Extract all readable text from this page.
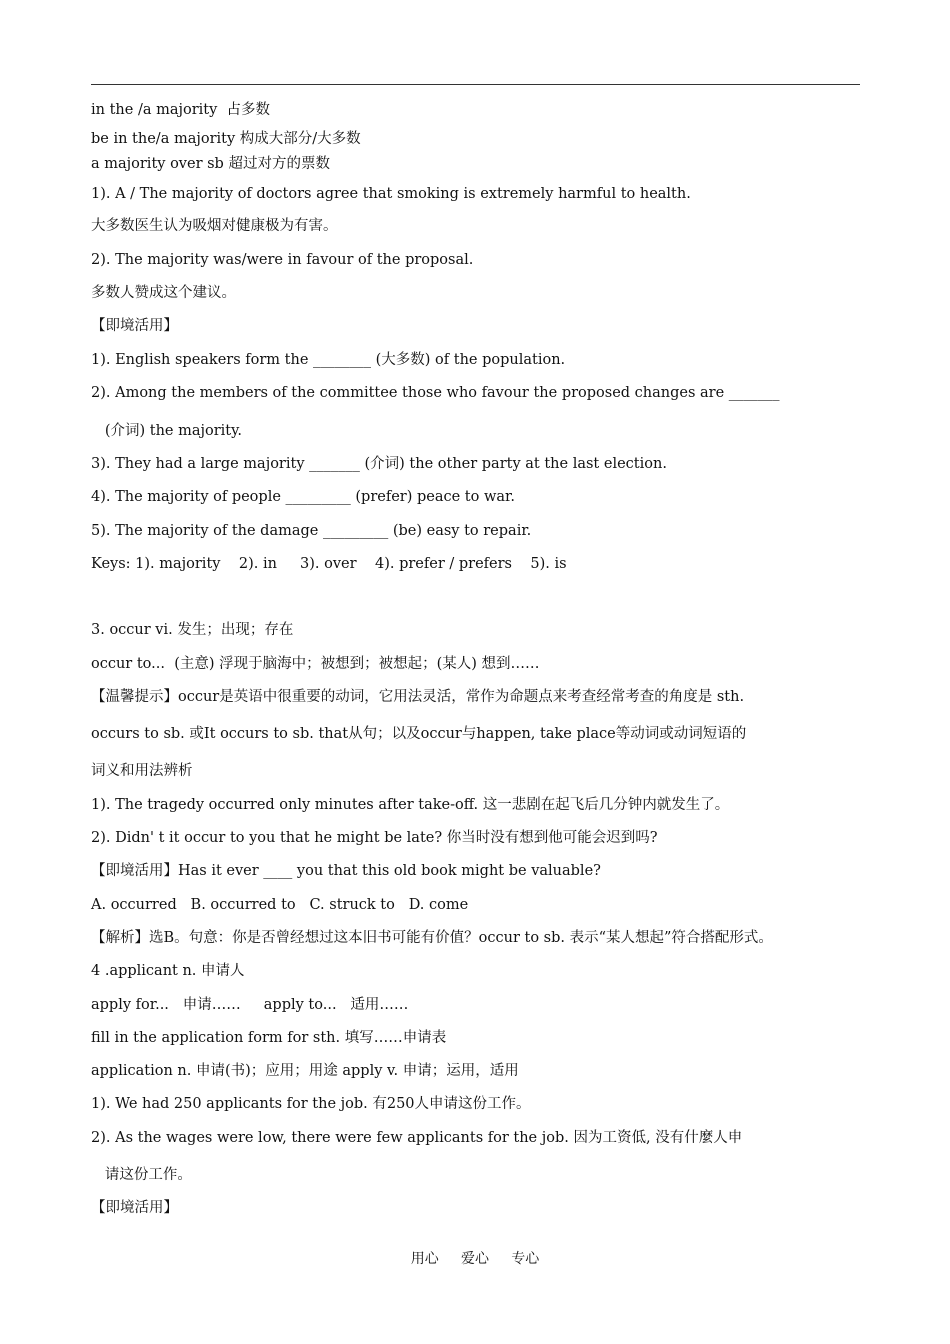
in the /a majority  占多数
be in the/a majority 构成大部分/大多数
a majority over sb 超过对方的票数
1). A / The majority of doctors agree that smoking is extremely harmful to health.
大多数医生认为吸烟对健康极为有害。
2). The majority was/were in favour of the proposal.
多数人赞成这个建议。
【即境活用】
1). English speakers form the ________ (大多数) of the population.
2). Among the members of the committee those who favour the proposed changes are _______
(介词) the majority.
3). They had a large majority _______ (介词) the other party at the last election.
4). The majority of people _________ (prefer) peace to war.
5). The majority of the damage _________ (be) easy to repair.
Keys: 1). majority    2). in     3). over    4). prefer / prefers    5). is
3. occur vi. 发生；出现；存在
occur to...  (主意) 浮现于脑海中；被想到；被想起；(某人) 想到……
【温馨提示】occur是英语中很重要的动词，它用法灵活，常作为命题点来考查经常考查的角度是 sth.
occurs to sb. 或It occurs to sb. that从句；以及occur与happen, take place等动词或动词短语的
词义和用法辨析
1). The tragedy occurred only minutes after take-off. 这一悲剧在起飞后几分钟内就发生了。
2). Didn' t it occur to you that he might be late? 你当时没有想到他可能会迟到吗?
【即境活用】Has it ever ____ you that this old book might be valuable?
A. occurred   B. occurred to   C. struck to   D. come
【解析】选B。句意：你是否曾经想过这本旧书可能有价值？occur to sb. 表示“某人想起”符合搭配形式。
4 .applicant n. 申请人
apply for...   申请……     apply to...   适用……
fill in the application form for sth. 填写……申请表
application n. 申请(书)；应用；用途 apply v. 申请；运用，适用
1). We had 250 applicants for the job. 有250人申请这份工作。
2). As the wages were low, there were few applicants for the job. 因为工资低, 没有什麼人申
请这份工作。
【即境活用】
用心     爱心     专心
